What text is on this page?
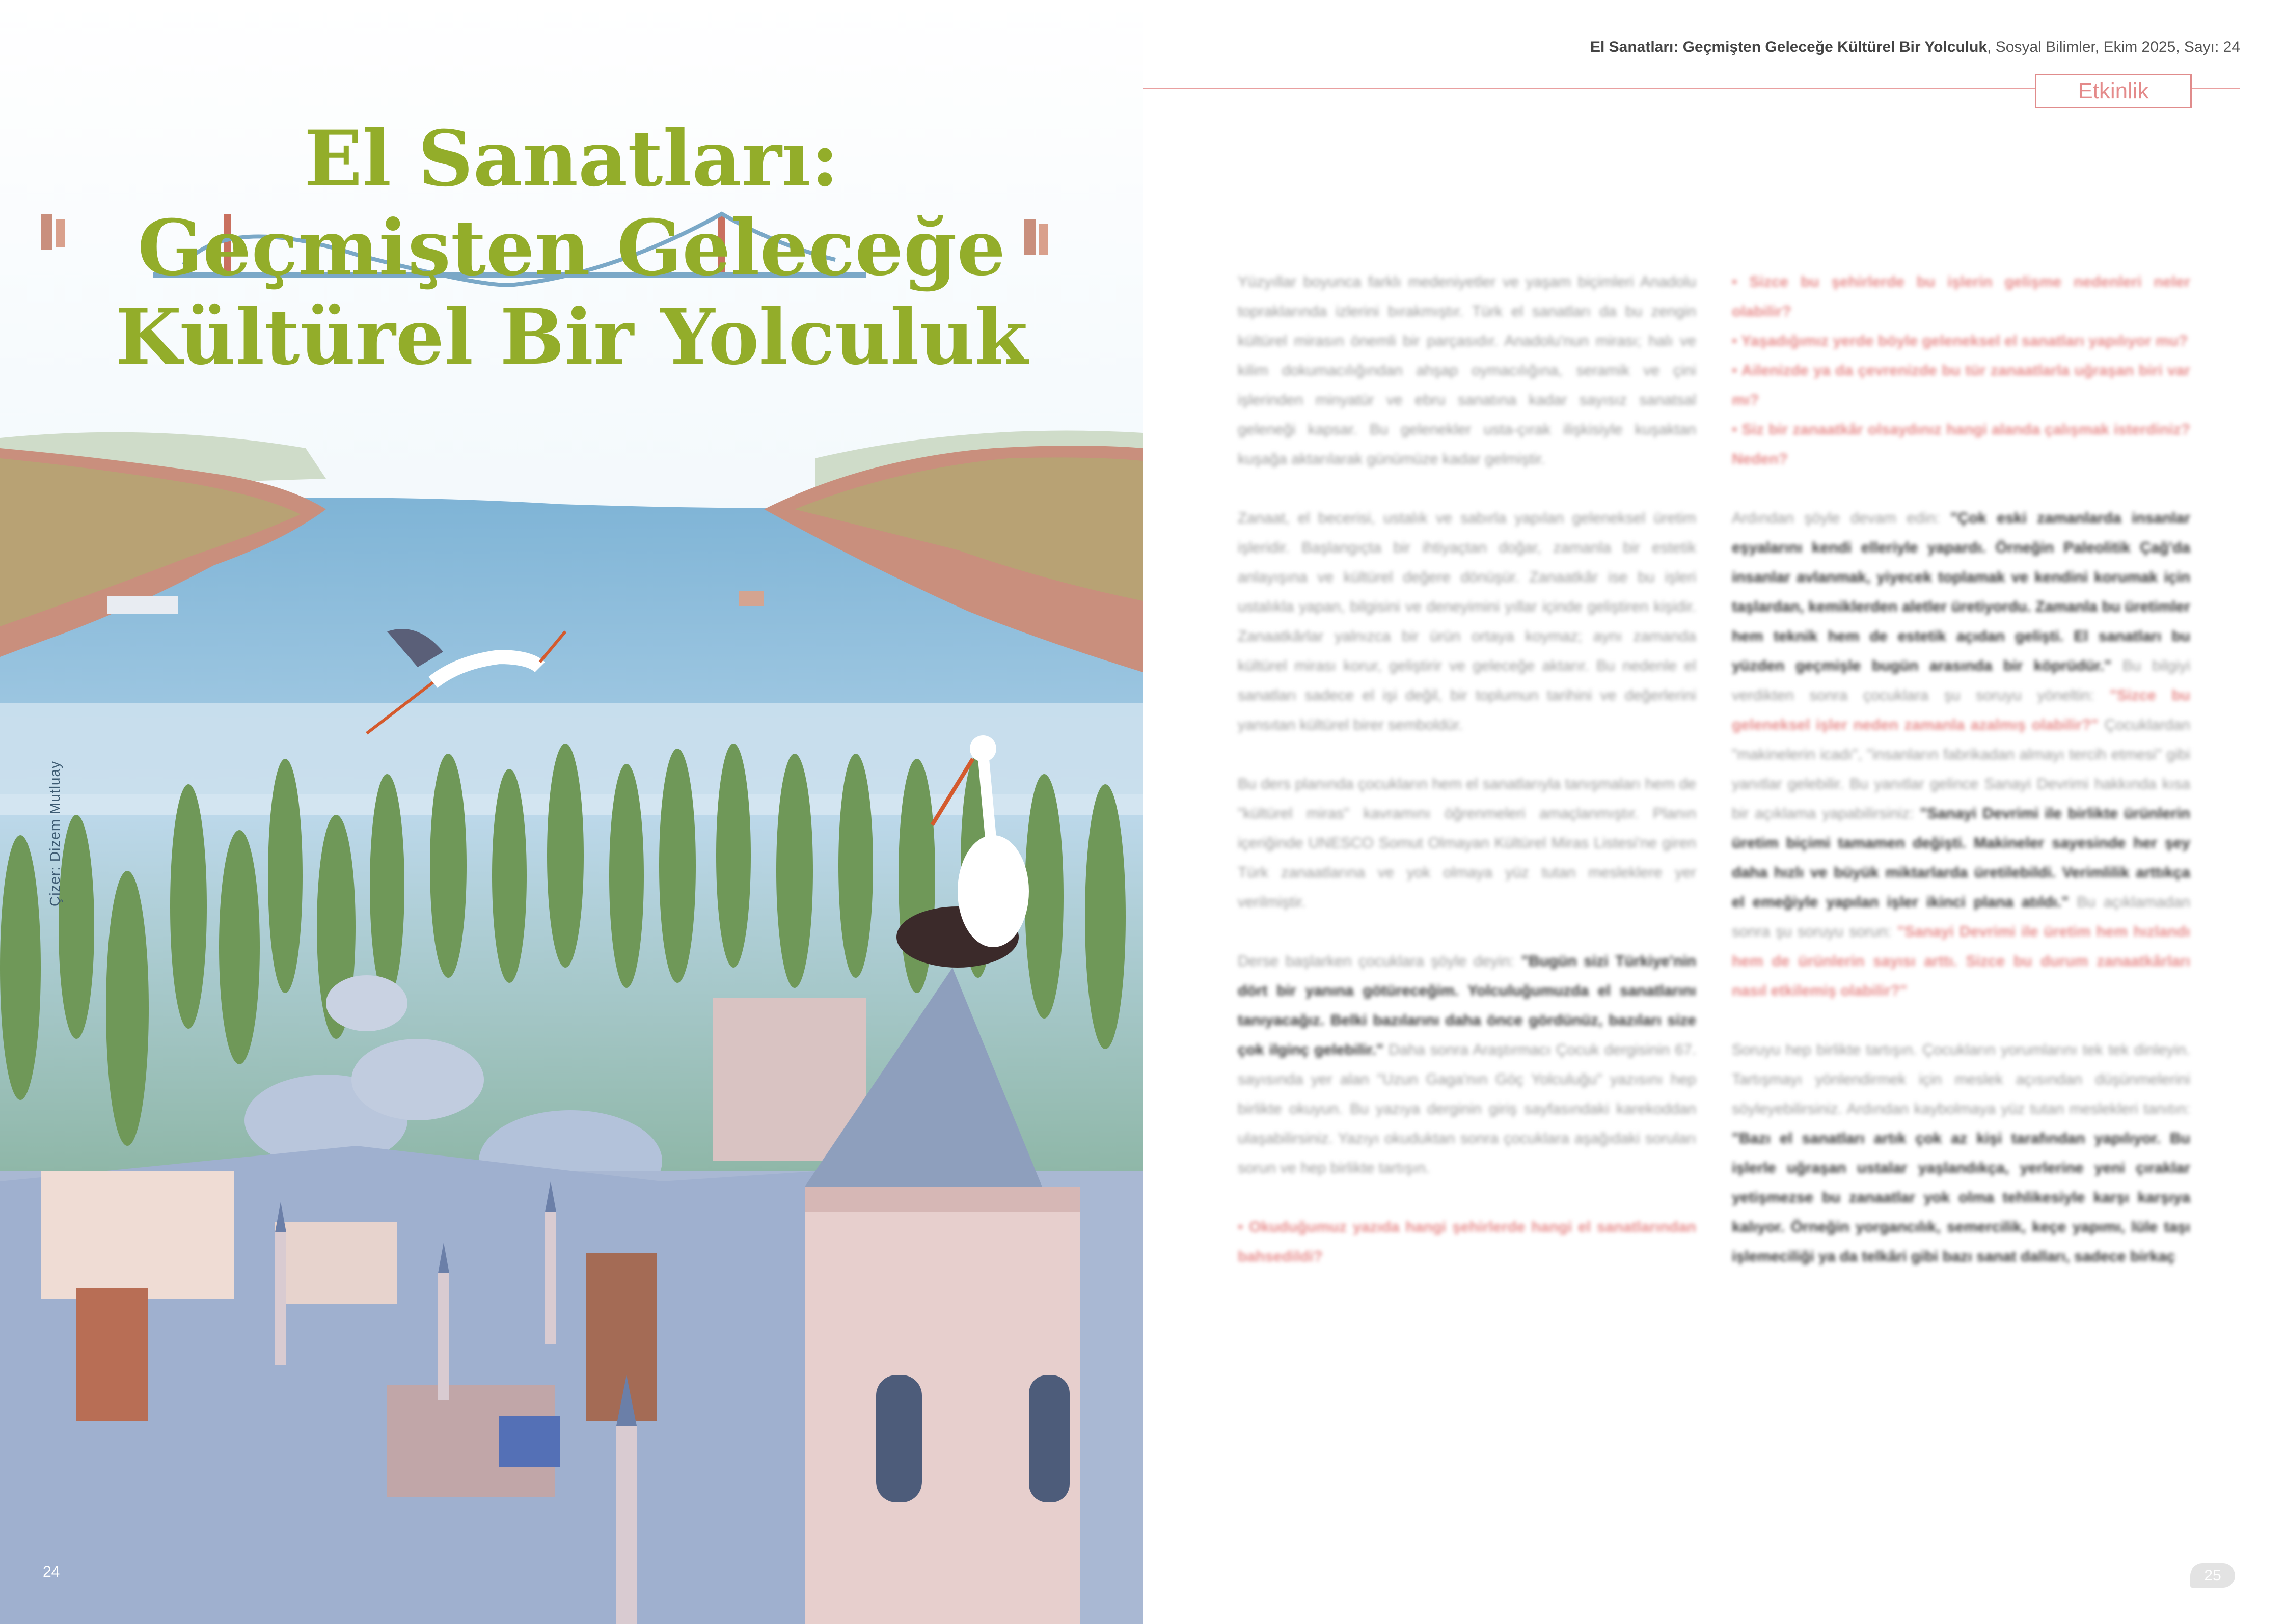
El Sanatları:
Geçmişten Geleceğe
Kültürel Bir Yolculuk
Çizer: Dizem Mutluay
24
El Sanatları: Geçmişten Geleceğe Kültürel Bir Yolculuk, Sosyal Bilimler, Ekim 2025, Sayı: 24
Etkinlik

Yüzyıllar boyunca farklı medeniyetler ve yaşam biçimleri Anadolu topraklarında izlerini bırakmıştır. Türk el sanatları da bu zengin kültürel mirasın önemli bir parçasıdır. Anadolu'nun mirası; halı ve kilim dokumacılığından ahşap oymacılığına, seramik ve çini işlerinden minyatür ve ebru sanatına kadar sayısız sanatsal geleneği kapsar. Bu gelenekler usta-çırak ilişkisiyle kuşaktan kuşağa aktarılarak günümüze kadar gelmiştir.

Zanaat, el becerisi, ustalık ve sabırla yapılan geleneksel üretim işleridir. Başlangıçta bir ihtiyaçtan doğar, zamanla bir estetik anlayışına ve kültürel değere dönüşür. Zanaatkâr ise bu işleri ustalıkla yapan, bilgisini ve deneyimini yıllar içinde geliştiren kişidir. Zanaatkârlar yalnızca bir ürün ortaya koymaz; aynı zamanda kültürel mirası korur, geliştirir ve geleceğe aktarır. Bu nedenle el sanatları sadece el işi değil, bir toplumun tarihini ve değerlerini yansıtan kültürel birer semboldür.

Bu ders planında çocukların hem el sanatlarıyla tanışmaları hem de "kültürel miras" kavramını öğrenmeleri amaçlanmıştır. Planın içeriğinde UNESCO Somut Olmayan Kültürel Miras Listesi'ne giren Türk zanaatlarına ve yok olmaya yüz tutan mesleklere yer verilmiştir.

Derse başlarken çocuklara şöyle deyin: "Bugün sizi Türkiye'nin dört bir yanına götüreceğim. Yolculuğumuzda el sanatlarını tanıyacağız. Belki bazılarını daha önce gördünüz, bazıları size çok ilginç gelebilir." Daha sonra Araştırmacı Çocuk dergisinin 67. sayısında yer alan "Uzun Gaga'nın Göç Yolculuğu" yazısını hep birlikte okuyun. Bu yazıya derginin giriş sayfasındaki karekoddan ulaşabilirsiniz. Yazıyı okuduktan sonra çocuklara aşağıdaki soruları sorun ve hep birlikte tartışın.

• Okuduğumuz yazıda hangi şehirlerde hangi el sanatlarından bahsedildi?

• Sizce bu şehirlerde bu işlerin gelişme nedenleri neler olabilir?
• Yaşadığımız yerde böyle geleneksel el sanatları yapılıyor mu?
• Ailenizde ya da çevrenizde bu tür zanaatlarla uğraşan biri var mı?

• Siz bir zanaatkâr olsaydınız hangi alanda çalışmak isterdiniz? Neden?

Ardından şöyle devam edin: "Çok eski zamanlarda insanlar eşyalarını kendi elleriyle yapardı. Örneğin Paleolitik Çağ'da insanlar avlanmak, yiyecek toplamak ve kendini korumak için taşlardan, kemiklerden aletler üretiyordu. Zamanla bu üretimler hem teknik hem de estetik açıdan gelişti. El sanatları bu yüzden geçmişle bugün arasında bir köprüdür." Bu bilgiyi verdikten sonra çocuklara şu soruyu yöneltin: "Sizce bu geleneksel işler neden zamanla azalmış olabilir?" Çocuklardan "makinelerin icadı", "insanların fabrikadan almayı tercih etmesi" gibi yanıtlar gelebilir. Bu yanıtlar gelince Sanayi Devrimi hakkında kısa bir açıklama yapabilirsiniz: "Sanayi Devrimi ile birlikte ürünlerin üretim biçimi tamamen değişti. Makineler sayesinde her şey daha hızlı ve büyük miktarlarda üretilebildi. Verimlilik arttıkça el emeğiyle yapılan işler ikinci plana atıldı." Bu açıklamadan sonra şu soruyu sorun: "Sanayi Devrimi ile üretim hem hızlandı hem de ürünlerin sayısı arttı. Sizce bu durum zanaatkârları nasıl etkilemiş olabilir?"

Soruyu hep birlikte tartışın. Çocukların yorumlarını tek tek dinleyin. Tartışmayı yönlendirmek için meslek açısından düşünmelerini söyleyebilirsiniz. Ardından kaybolmaya yüz tutan meslekleri tanıtın: "Bazı el sanatları artık çok az kişi tarafından yapılıyor. Bu işlerle uğraşan ustalar yaşlandıkça, yerlerine yeni çıraklar yetişmezse bu zanaatlar yok olma tehlikesiyle karşı karşıya kalıyor. Örneğin yorgancılık, semercilik, keçe yapımı, lüle taşı işlemeciliği ya da telkâri gibi bazı sanat dalları, sadece birkaç

25
